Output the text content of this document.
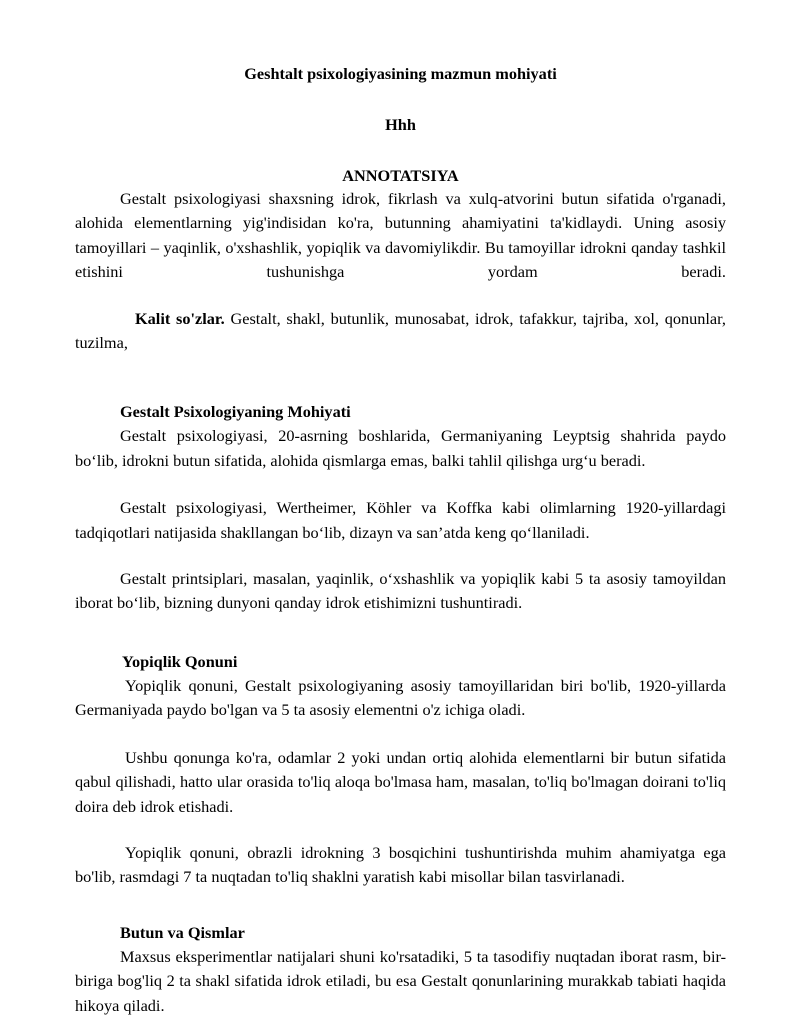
Geshtalt psixologiyasining mazmun mohiyati
Hhh
ANNOTATSIYA

Gestalt psixologiyasi shaxsning idrok, fikrlash va xulq-atvorini butun sifatida o'rganadi, alohida elementlarning yig'indisidan ko'ra, butunning ahamiyatini ta'kidlaydi. Uning asosiy tamoyillari – yaqinlik, o'xshashlik, yopiqlik va davomiylikdir. Bu tamoyillar idrokni qanday tashkil etishini tushunishga yordam beradi.

Kalit so'zlar. Gestalt, shakl, butunlik, munosabat, idrok, tafakkur, tajriba, xol, qonunlar, tuzilma,

Gestalt Psixologiyaning Mohiyati

Gestalt psixologiyasi, 20-asrning boshlarida, Germaniyaning Leyptsig shahrida paydo bo‘lib, idrokni butun sifatida, alohida qismlarga emas, balki tahlil qilishga urg‘u beradi.

Gestalt psixologiyasi, Wertheimer, Köhler va Koffka kabi olimlarning 1920-yillardagi tadqiqotlari natijasida shakllangan bo‘lib, dizayn va san’atda keng qo‘llaniladi.

Gestalt printsiplari, masalan, yaqinlik, o‘xshashlik va yopiqlik kabi 5 ta asosiy tamoyildan iborat bo‘lib, bizning dunyoni qanday idrok etishimizni tushuntiradi.

Yopiqlik Qonuni

Yopiqlik qonuni, Gestalt psixologiyaning asosiy tamoyillaridan biri bo'lib, 1920-yillarda Germaniyada paydo bo'lgan va 5 ta asosiy elementni o'z ichiga oladi.

Ushbu qonunga ko'ra, odamlar 2 yoki undan ortiq alohida elementlarni bir butun sifatida qabul qilishadi, hatto ular orasida to'liq aloqa bo'lmasa ham, masalan, to'liq bo'lmagan doirani to'liq doira deb idrok etishadi.

Yopiqlik qonuni, obrazli idrokning 3 bosqichini tushuntirishda muhim ahamiyatga ega bo'lib, rasmdagi 7 ta nuqtadan to'liq shaklni yaratish kabi misollar bilan tasvirlanadi.

Butun va Qismlar

Maxsus eksperimentlar natijalari shuni ko'rsatadiki, 5 ta tasodifiy nuqtadan iborat rasm, bir-biriga bog'liq 2 ta shakl sifatida idrok etiladi, bu esa Gestalt qonunlarining murakkab tabiati haqida hikoya qiladi.
